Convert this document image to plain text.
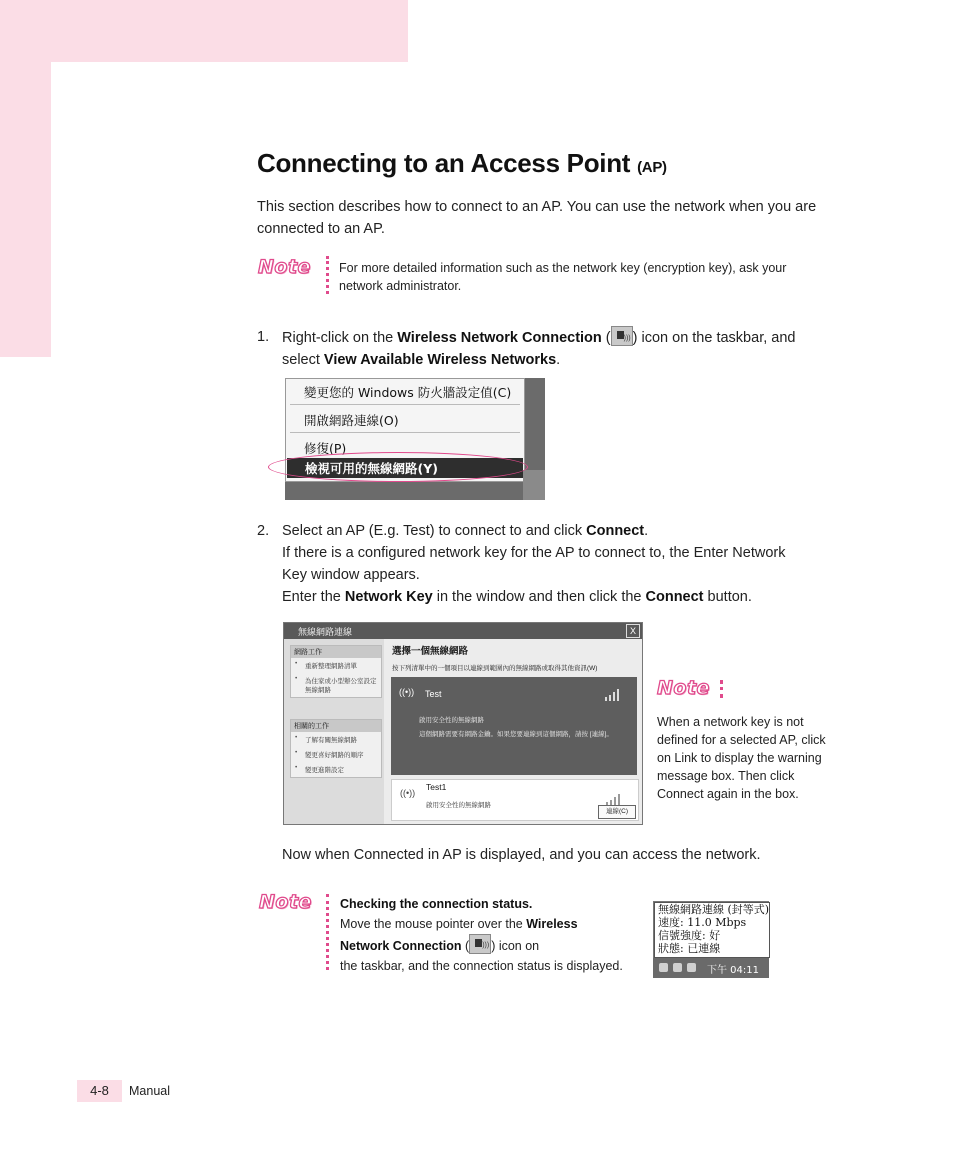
Connecting to an Access Point (AP)
This section describes how to connect to an AP. You can use the network when you are connected to an AP.
Note For more detailed information such as the network key (encryption key), ask your network administrator.
1. Right-click on the Wireless Network Connection ( ))) ) icon on the taskbar, and select View Available Wireless Networks.
變更您的 Windows 防火牆設定值(C)
開啟網路連線(O)
修復(P)
檢視可用的無線網路(Y)
2. Select an AP (E.g. Test) to connect to and click Connect.
If there is a configured network key for the AP to connect to, the Enter Network Key window appears.
Enter the Network Key in the window and then click the Connect button.
無線網路連線	X
網路工作
• 重新整理網路清單
• 為住家或小型辦公室設定無線網路
相關的工作
• 了解有關無線網路
• 變更喜好網路的順序
• 變更進階設定
選擇一個無線網路
按下列清單中的一個項目以連線到範圍內的無線網路或取得其他資訊(W)
((•)) Test
啟用安全性的無線網路
這個網路需要有網路金鑰。如果您要連線到這個網路，請按 [連線]。
((•))
Test1
啟用安全性的無線網路
連線(C)
Note
When a network key is not defined for a selected AP, click on Link to display the warning message box. Then click Connect again in the box.
Now when Connected in AP is displayed, and you can access the network.
Note Checking the connection status.
Move the mouse pointer over the Wireless
Network Connection ( ))) ) icon on
the taskbar, and the connection status is displayed.
無線網路連線 (封等式)
速度: 11.0 Mbps
信號強度: 好
狀態: 已連線
下午 04:11
4-8	Manual
